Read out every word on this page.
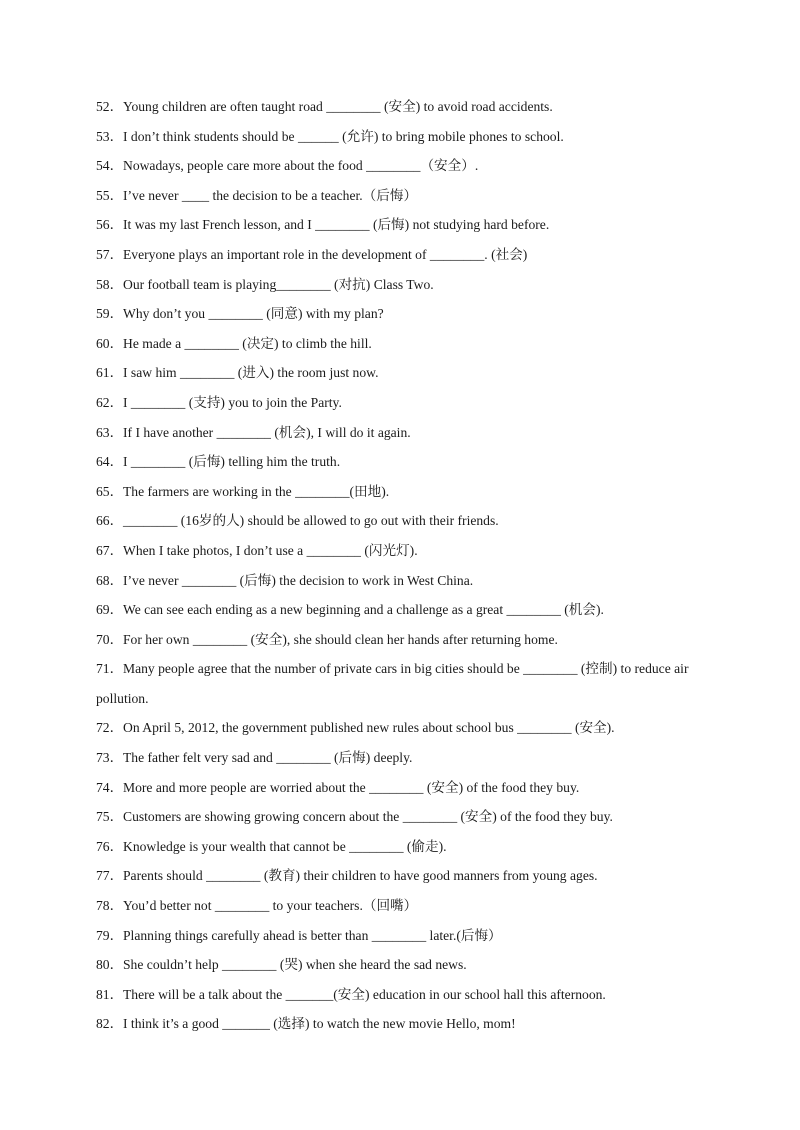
52．Young children are often taught road ________ (安全) to avoid road accidents.
53．I don’t think students should be ______ (允许) to bring mobile phones to school.
54．Nowadays, people care more about the food ________（安全）.
55．I’ve never ____ the decision to be a teacher.（后悔）
56．It was my last French lesson, and I ________ (后悔) not studying hard before.
57．Everyone plays an important role in the development of ________. (社会)
58．Our football team is playing________ (对抗) Class Two.
59．Why don’t you ________ (同意) with my plan?
60．He made a ________ (决定) to climb the hill.
61．I saw him ________ (进入) the room just now.
62．I ________ (支持) you to join the Party.
63．If I have another ________ (机会), I will do it again.
64．I ________ (后悔) telling him the truth.
65．The farmers are working in the ________(田地).
66．________ (16岁的人) should be allowed to go out with their friends.
67．When I take photos, I don’t use a ________ (闪光灯).
68．I’ve never ________ (后悔) the decision to work in West China.
69．We can see each ending as a new beginning and a challenge as a great ________ (机会).
70．For her own ________ (安全), she should clean her hands after returning home.
71．Many people agree that the number of private cars in big cities should be ________ (控制) to reduce air pollution.
72．On April 5, 2012, the government published new rules about school bus ________ (安全).
73．The father felt very sad and ________ (后悔) deeply.
74．More and more people are worried about the ________ (安全) of the food they buy.
75．Customers are showing growing concern about the ________ (安全) of the food they buy.
76．Knowledge is your wealth that cannot be ________ (偷走).
77．Parents should ________ (教育) their children to have good manners from young ages.
78．You’d better not ________ to your teachers.（回嘴）
79．Planning things carefully ahead is better than ________ later.(后悔）
80．She couldn’t help ________ (哭) when she heard the sad news.
81．There will be a talk about the _______(安全) education in our school hall this afternoon.
82．I think it’s a good _______ (选择) to watch the new movie Hello, mom!
